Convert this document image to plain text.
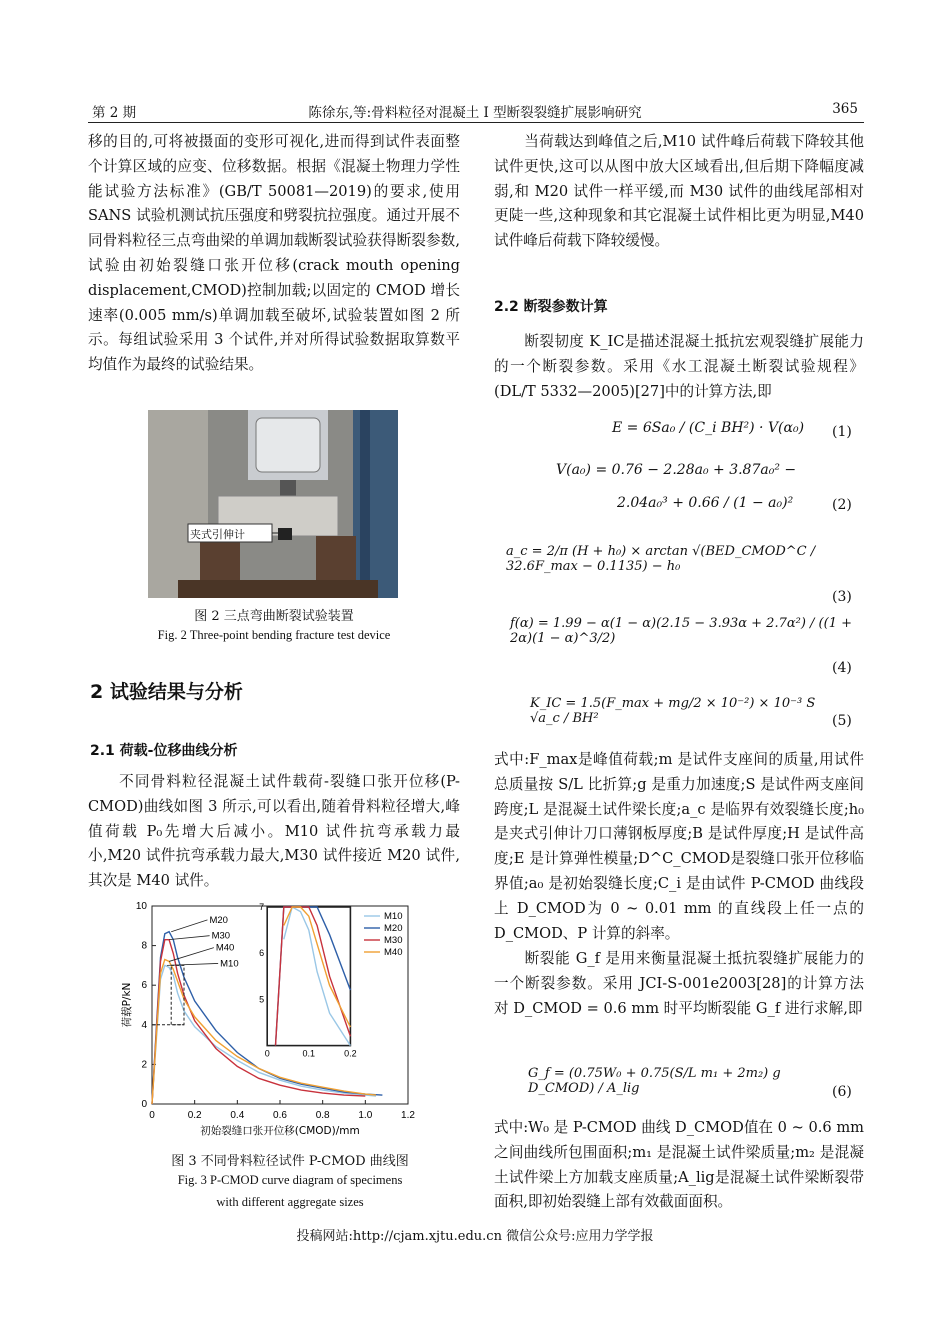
第 2 期	陈徐东,等:骨料粒径对混凝土 I 型断裂裂缝扩展影响研究	365

移的目的,可将被摄面的变形可视化,进而得到试件表面整个计算区域的应变、位移数据。根据《混凝土物理力学性能试验方法标准》(GB/T 50081—2019)的要求,使用 SANS 试验机测试抗压强度和劈裂抗拉强度。通过开展不同骨料粒径三点弯曲梁的单调加载断裂试验获得断裂参数,试验由初始裂缝口张开位移(crack mouth opening displacement,CMOD)控制加载;以固定的 CMOD 增长速率(0.005 mm/s)单调加载至破坏,试验装置如图 2 所示。每组试验采用 3 个试件,并对所得试验数据取算数平均值作为最终的试验结果。

夹式引伸计
图 2 三点弯曲断裂试验装置
Fig. 2 Three-point bending fracture test device
2 试验结果与分析
2.1 荷载-位移曲线分析

不同骨料粒径混凝土试件载荷-裂缝口张开位移(P-CMOD)曲线如图 3 所示,可以看出,随着骨料粒径增大,峰值荷载 P₀先增大后减小。M10 试件抗弯承载力最小,M20 试件抗弯承载力最大,M30 试件接近 M20 试件,其次是 M40 试件。

0	0.2	0.4	0.6	0.8	1.0	1.2
0
2
4
6
8
10
初始裂缝口张开位移(CMOD)/mm
荷载P/kN
0	0.1	0.2
5
6
7
M10
M20
M30
M40
M20
M30
M40
M10
图 3 不同骨料粒径试件 P-CMOD 曲线图
Fig. 3 P-CMOD curve diagram of specimens
with different aggregate sizes

当荷载达到峰值之后,M10 试件峰后荷载下降较其他试件更快,这可以从图中放大区域看出,但后期下降幅度减弱,和 M20 试件一样平缓,而 M30 试件的曲线尾部相对更陡一些,这种现象和其它混凝土试件相比更为明显,M40 试件峰后荷载下降较缓慢。

2.2 断裂参数计算

断裂韧度 K_IC是描述混凝土抵抗宏观裂缝扩展能力的一个断裂参数。采用《水工混凝土断裂试验规程》(DL/T 5332—2005)[27]中的计算方法,即

E = 6Sa₀ / (C_i BH²) · V(α₀)	(1)
V(a₀) = 0.76 − 2.28a₀ + 3.87a₀² −
2.04a₀³ + 0.66 / (1 − a₀)²	(2)
a_c = 2/π (H + h₀) × arctan √(BED_CMOD^C / 32.6F_max − 0.1135) − h₀
(3)
f(α) = 1.99 − α(1 − α)(2.15 − 3.93α + 2.7α²) / ((1 + 2α)(1 − α)^3/2)
(4)
K_IC = 1.5(F_max + mg/2 × 10⁻²) × 10⁻³ S √a_c / BH²	(5)

式中:F_max是峰值荷载;m 是试件支座间的质量,用试件总质量按 S/L 比折算;g 是重力加速度;S 是试件两支座间跨度;L 是混凝土试件梁长度;a_c 是临界有效裂缝长度;h₀ 是夹式引伸计刀口薄钢板厚度;B 是试件厚度;H 是试件高度;E 是计算弹性模量;D^C_CMOD是裂缝口张开位移临界值;a₀ 是初始裂缝长度;C_i 是由试件 P-CMOD 曲线段上 D_CMOD为 0 ~ 0.01 mm 的直线段上任一点的 D_CMOD、P 计算的斜率。

断裂能 G_f 是用来衡量混凝土抵抗裂缝扩展能力的一个断裂参数。采用 JCI-S-001e2003[28]的计算方法对 D_CMOD = 0.6 mm 时平均断裂能 G_f 进行求解,即

G_f = (0.75W₀ + 0.75(S/L m₁ + 2m₂) g D_CMOD) / A_lig	(6)

式中:W₀ 是 P-CMOD 曲线 D_CMOD值在 0 ~ 0.6 mm 之间曲线所包围面积;m₁ 是混凝土试件梁质量;m₂ 是混凝土试件梁上方加载支座质量;A_lig是混凝土试件梁断裂带面积,即初始裂缝上部有效截面面积。

投稿网站:http://cjam.xjtu.edu.cn 微信公众号:应用力学学报
